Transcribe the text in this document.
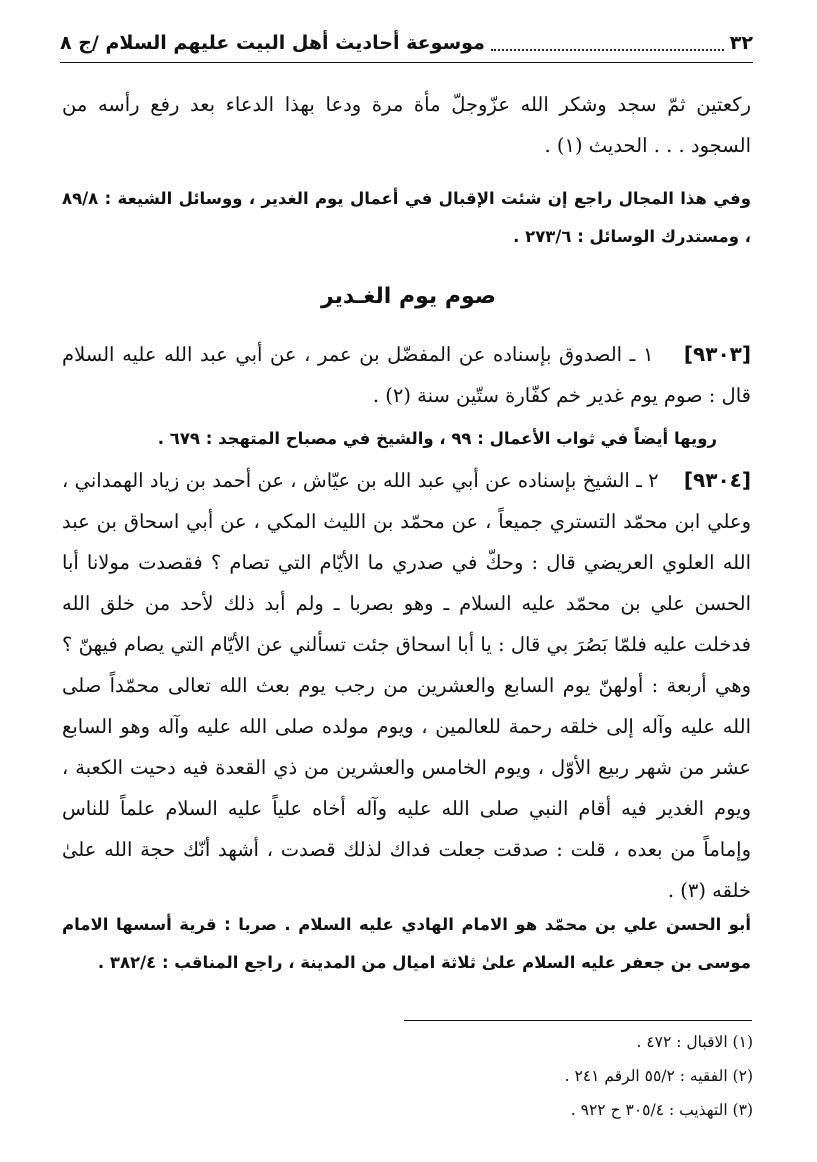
٣٢
موسوعة أحاديث أهل البيت عليهم السلام /ج ٨
ركعتين ثمّ سجد وشكر الله عزّوجلّ مأة مرة ودعا بهذا الدعاء بعد رفع رأسه من السجود . . . الحديث (١) .
وفي هذا المجال راجع إن شئت الإقبال في أعمال يوم الغدير ، ووسائل الشيعة : ٨٩/٨ ، ومستدرك الوسائل : ٢٧٣/٦ .
صوم يوم الغـدير
[٩٣٠٣]    ١ ـ الصدوق بإسناده عن المفضّل بن عمر ، عن أبي عبد الله عليه السلام قال : صوم يوم غدير خم كفّارة ستّين سنة (٢) .
رويها أيضاً في ثواب الأعمال : ٩٩ ، والشيخ في مصباح المتهجد : ٦٧٩ .
[٩٣٠٤]    ٢ ـ الشيخ بإسناده عن أبي عبد الله بن عيّاش ، عن أحمد بن زياد الهمداني ، وعلي ابن محمّد التستري جميعاً ، عن محمّد بن الليث المكي ، عن أبي اسحاق بن عبد الله العلوي العريضي قال : وحكّ في صدري ما الأيّام التي تصام ؟ فقصدت مولانا أبا الحسن علي بن محمّد عليه السلام ـ وهو بصربا ـ ولم أبد ذلك لأحد من خلق الله فدخلت عليه فلمّا بَصُرَ بي قال : يا أبا اسحاق جئت تسألني عن الأيّام التي يصام فيهنّ ؟ وهي أربعة : أولهنّ يوم السابع والعشرين من رجب يوم بعث الله تعالى محمّداً صلى الله عليه وآله إلى خلقه رحمة للعالمين ، ويوم مولده صلى الله عليه وآله وهو السابع عشر من شهر ربيع الأوّل ، ويوم الخامس والعشرين من ذي القعدة فيه دحيت الكعبة ، ويوم الغدير فيه أقام النبي صلى الله عليه وآله أخاه علياً عليه السلام علماً للناس وإماماً من بعده ، قلت : صدقت جعلت فداك لذلك قصدت ، أشهد أنّك حجة الله علىٰ خلقه (٣) .
أبو الحسن علي بن محمّد هو الامام الهادي عليه السلام . صربا : قرية أسسها الامام موسى بن جعفر عليه السلام علىٰ ثلاثة اميال من المدينة ، راجع المناقب : ٣٨٢/٤ .
(١) الاقبال : ٤٧٢ .
(٢) الفقيه : ٥٥/٢ الرقم ٢٤١ .
(٣) التهذيب : ٣٠٥/٤ ح ٩٢٢ .
